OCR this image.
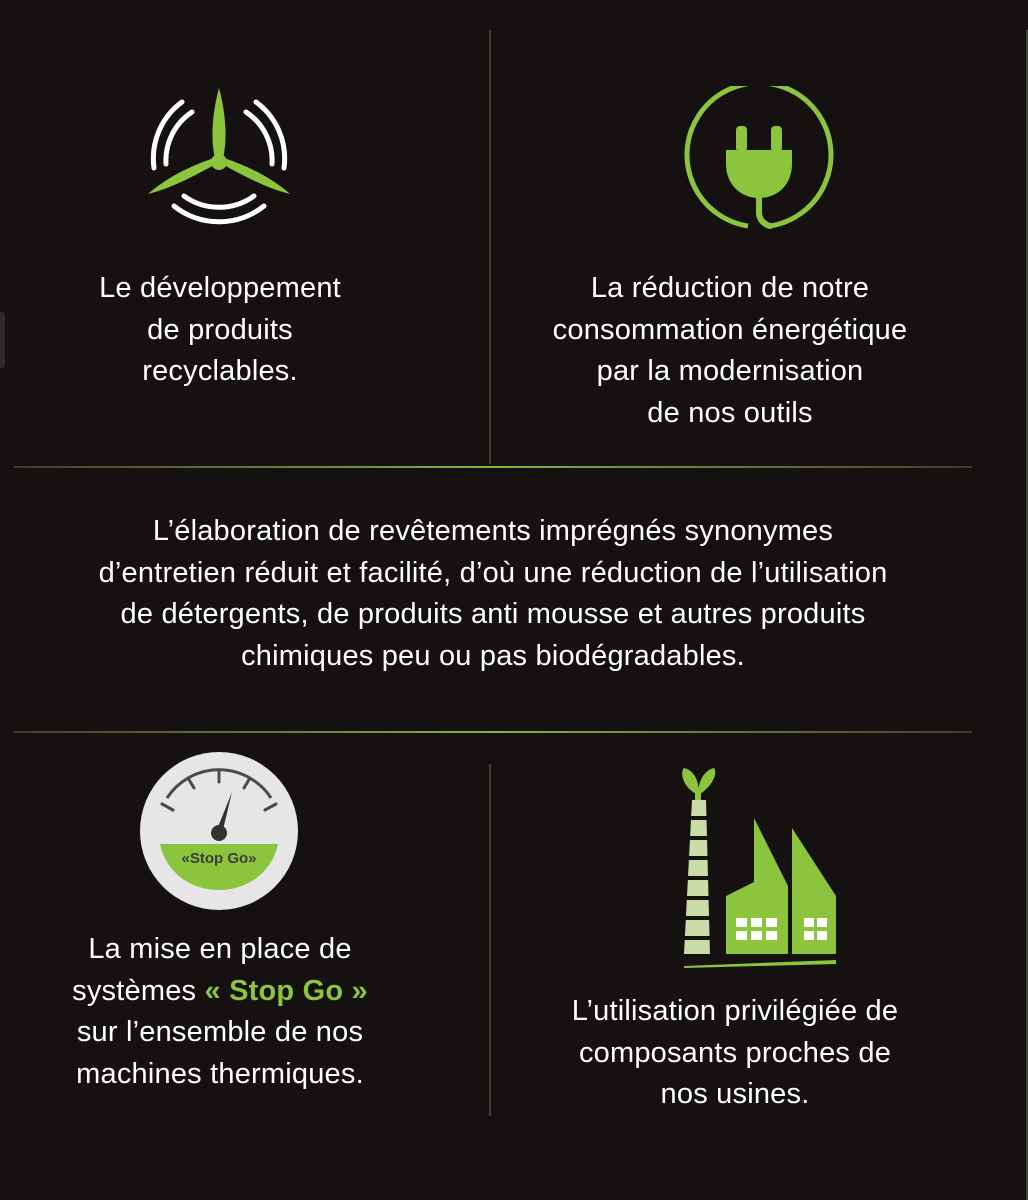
Le développement
de produits
recyclables.
La réduction de notre
consommation énergétique
par la modernisation
de nos outils
L’élaboration de revêtements imprégnés synonymes
d’entretien réduit et facilité, d’où une réduction de l’utilisation
de détergents, de produits anti mousse et autres produits
chimiques peu ou pas biodégradables.
«Stop Go»
La mise en place de
systèmes « Stop Go »
sur l’ensemble de nos
machines thermiques.
L’utilisation privilégiée de
composants proches de
nos usines.
